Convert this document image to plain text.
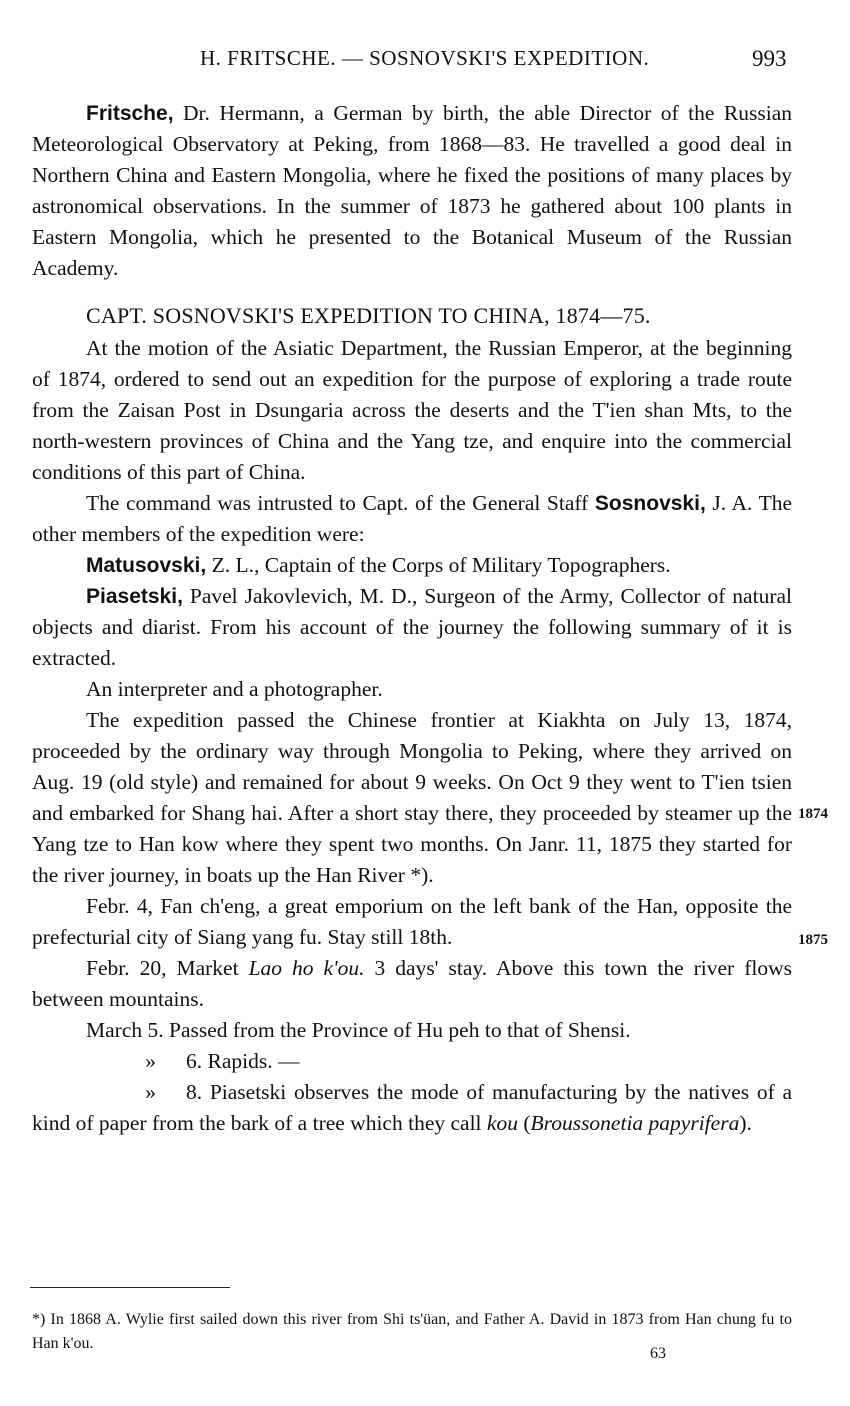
H. FRITSCHE. — SOSNOVSKI'S EXPEDITION.	993

Fritsche, Dr. Hermann, a German by birth, the able Director of the Russian Meteorological Observatory at Peking, from 1868—83. He travelled a good deal in Northern China and Eastern Mongolia, where he fixed the positions of many places by astronomical observations. In the summer of 1873 he gathered about 100 plants in Eastern Mongolia, which he presented to the Botanical Museum of the Russian Academy.

CAPT. SOSNOVSKI'S EXPEDITION TO CHINA, 1874—75.

At the motion of the Asiatic Department, the Russian Emperor, at the beginning of 1874, ordered to send out an expedition for the purpose of exploring a trade route from the Zaisan Post in Dsungaria across the deserts and the T'ien shan Mts, to the north-western provinces of China and the Yang tze, and enquire into the commercial conditions of this part of China.

The command was intrusted to Capt. of the General Staff Sosnovski, J. A. The other members of the expedition were:

Matusovski, Z. L., Captain of the Corps of Military Topographers.

Piasetski, Pavel Jakovlevich, M. D., Surgeon of the Army, Collector of natural objects and diarist. From his account of the journey the following summary of it is extracted.

An interpreter and a photographer.

The expedition passed the Chinese frontier at Kiakhta on July 13, 1874, proceeded by the ordinary way through Mongolia to Peking, where they arrived on Aug. 19 (old style) and remained for about 9 weeks. On Oct 9 they went to T'ien tsien and embarked for Shang hai. After a short stay there, they proceeded by steamer up the Yang tze to Han kow where they spent two months. On Janr. 11, 1875 they started for the river journey, in boats up the Han River *).

Febr. 4, Fan ch'eng, a great emporium on the left bank of the Han, opposite the prefecturial city of Siang yang fu. Stay still 18th.

Febr. 20, Market Lao ho k'ou. 3 days' stay. Above this town the river flows between mountains.

March 5. Passed from the Province of Hu peh to that of Shensi.

» 6. Rapids. —

» 8. Piasetski observes the mode of manufacturing by the natives of a kind of paper from the bark of a tree which they call kou (Broussonetia papyrifera).

1874
1875

*) In 1868 A. Wylie first sailed down this river from Shi ts'üan, and Father A. David in 1873 from Han chung fu to Han k'ou.

63
